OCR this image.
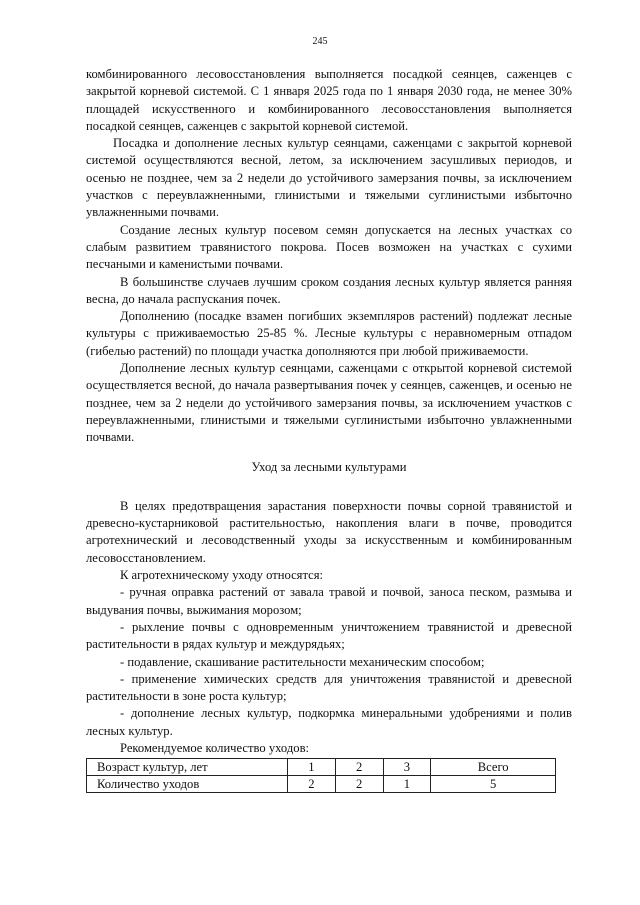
245

комбинированного лесовосстановления выполняется посадкой сеянцев, саженцев с закрытой корневой системой. С 1 января 2025 года по 1 января 2030 года, не менее 30% площадей искусственного и комбинированного лесовосстановления выполняется посадкой сеянцев, саженцев с закрытой корневой системой.

Посадка и дополнение лесных культур сеянцами, саженцами с закрытой корневой системой осуществляются весной, летом, за исключением засушливых периодов, и осенью не позднее, чем за 2 недели до устойчивого замерзания почвы, за исключением участков с переувлажненными, глинистыми и тяжелыми суглинистыми избыточно увлажненными почвами.

Создание лесных культур посевом семян допускается на лесных участках со слабым развитием травянистого покрова. Посев возможен на участках с сухими песчаными и каменистыми почвами.

В большинстве случаев лучшим сроком создания лесных культур является ранняя весна, до начала распускания почек.

Дополнению (посадке взамен погибших экземпляров растений) подлежат лесные культуры с приживаемостью 25-85 %. Лесные культуры с неравномерным отпадом (гибелью растений) по площади участка дополняются при любой приживаемости.

Дополнение лесных культур сеянцами, саженцами с открытой корневой системой осуществляется весной, до начала развертывания почек у сеянцев, саженцев, и осенью не позднее, чем за 2 недели до устойчивого замерзания почвы, за исключением участков с переувлажненными, глинистыми и тяжелыми суглинистыми избыточно увлажненными почвами.

Уход за лесными культурами

В целях предотвращения зарастания поверхности почвы сорной травянистой и древесно-кустарниковой растительностью, накопления влаги в почве, проводится агротехнический и лесоводственный уходы за искусственным и комбинированным лесовосстановлением.

К агротехническому уходу относятся:

- ручная оправка растений от завала травой и почвой, заноса песком, размыва и выдувания почвы, выжимания морозом;

- рыхление почвы с одновременным уничтожением травянистой и древесной растительности в рядах культур и междурядьях;

- подавление, скашивание растительности механическим способом;

- применение химических средств для уничтожения травянистой и древесной растительности в зоне роста культур;

- дополнение лесных культур, подкормка минеральными удобрениями и полив лесных культур.

Рекомендуемое количество уходов:

Возраст культур, лет	1	2	3	Всего
Количество уходов	2	2	1	5
